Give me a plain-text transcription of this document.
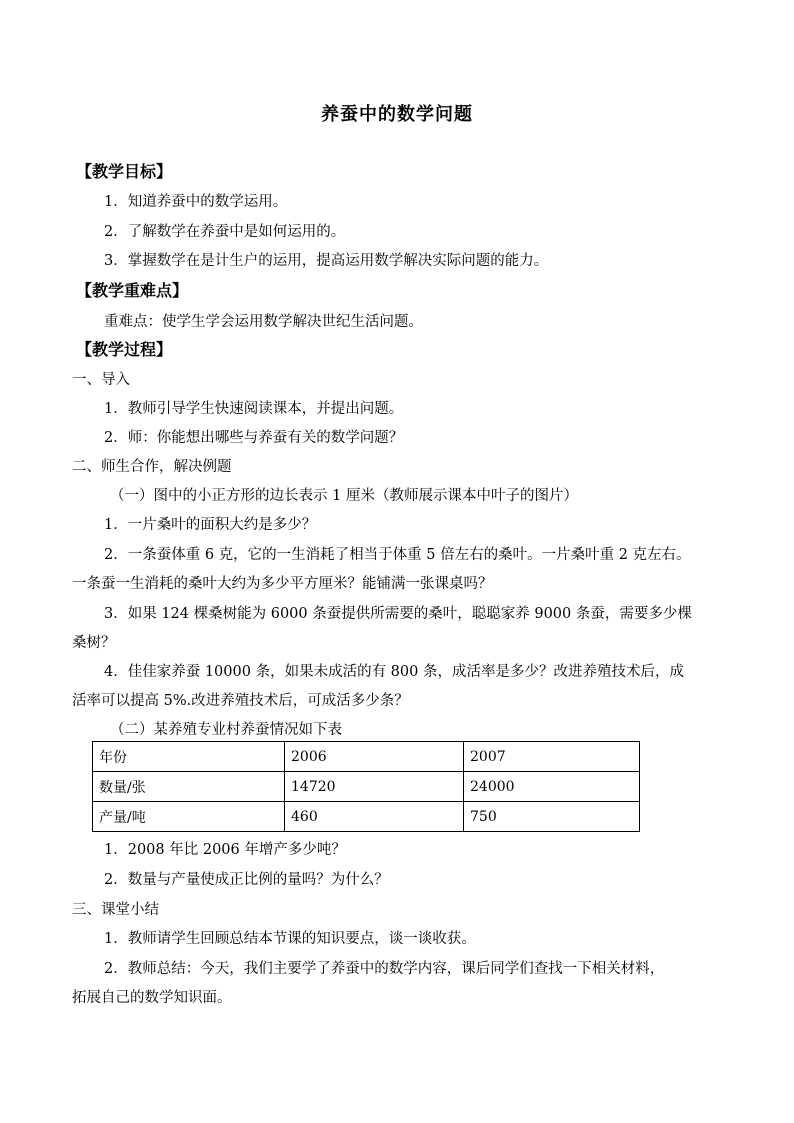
养蚕中的数学问题
【教学目标】
1．知道养蚕中的数学运用。
2．了解数学在养蚕中是如何运用的。
3．掌握数学在是计生户的运用，提高运用数学解决实际问题的能力。
【教学重难点】
重难点：使学生学会运用数学解决世纪生活问题。
【教学过程】
一、导入
1．教师引导学生快速阅读课本，并提出问题。
2．师：你能想出哪些与养蚕有关的数学问题？
二、师生合作，解决例题
（一）图中的小正方形的边长表示 1 厘米（教师展示课本中叶子的图片）
1．一片桑叶的面积大约是多少？
2．一条蚕体重 6 克，它的一生消耗了相当于体重 5 倍左右的桑叶。一片桑叶重 2 克左右。
一条蚕一生消耗的桑叶大约为多少平方厘米？能铺满一张课桌吗？
3．如果 124 棵桑树能为 6000 条蚕提供所需要的桑叶，聪聪家养 9000 条蚕，需要多少棵
桑树？
4．佳佳家养蚕 10000 条，如果未成活的有 800 条，成活率是多少？改进养殖技术后，成
活率可以提高 5%.改进养殖技术后，可成活多少条？
（二）某养殖专业村养蚕情况如下表
年份	2006	2007
数量/张	14720	24000
产量/吨	460	750
1．2008 年比 2006 年增产多少吨？
2．数量与产量使成正比例的量吗？为什么？
三、课堂小结
1．教师请学生回顾总结本节课的知识要点，谈一谈收获。
2．教师总结：今天，我们主要学了养蚕中的数学内容，课后同学们查找一下相关材料，
拓展自己的数学知识面。
